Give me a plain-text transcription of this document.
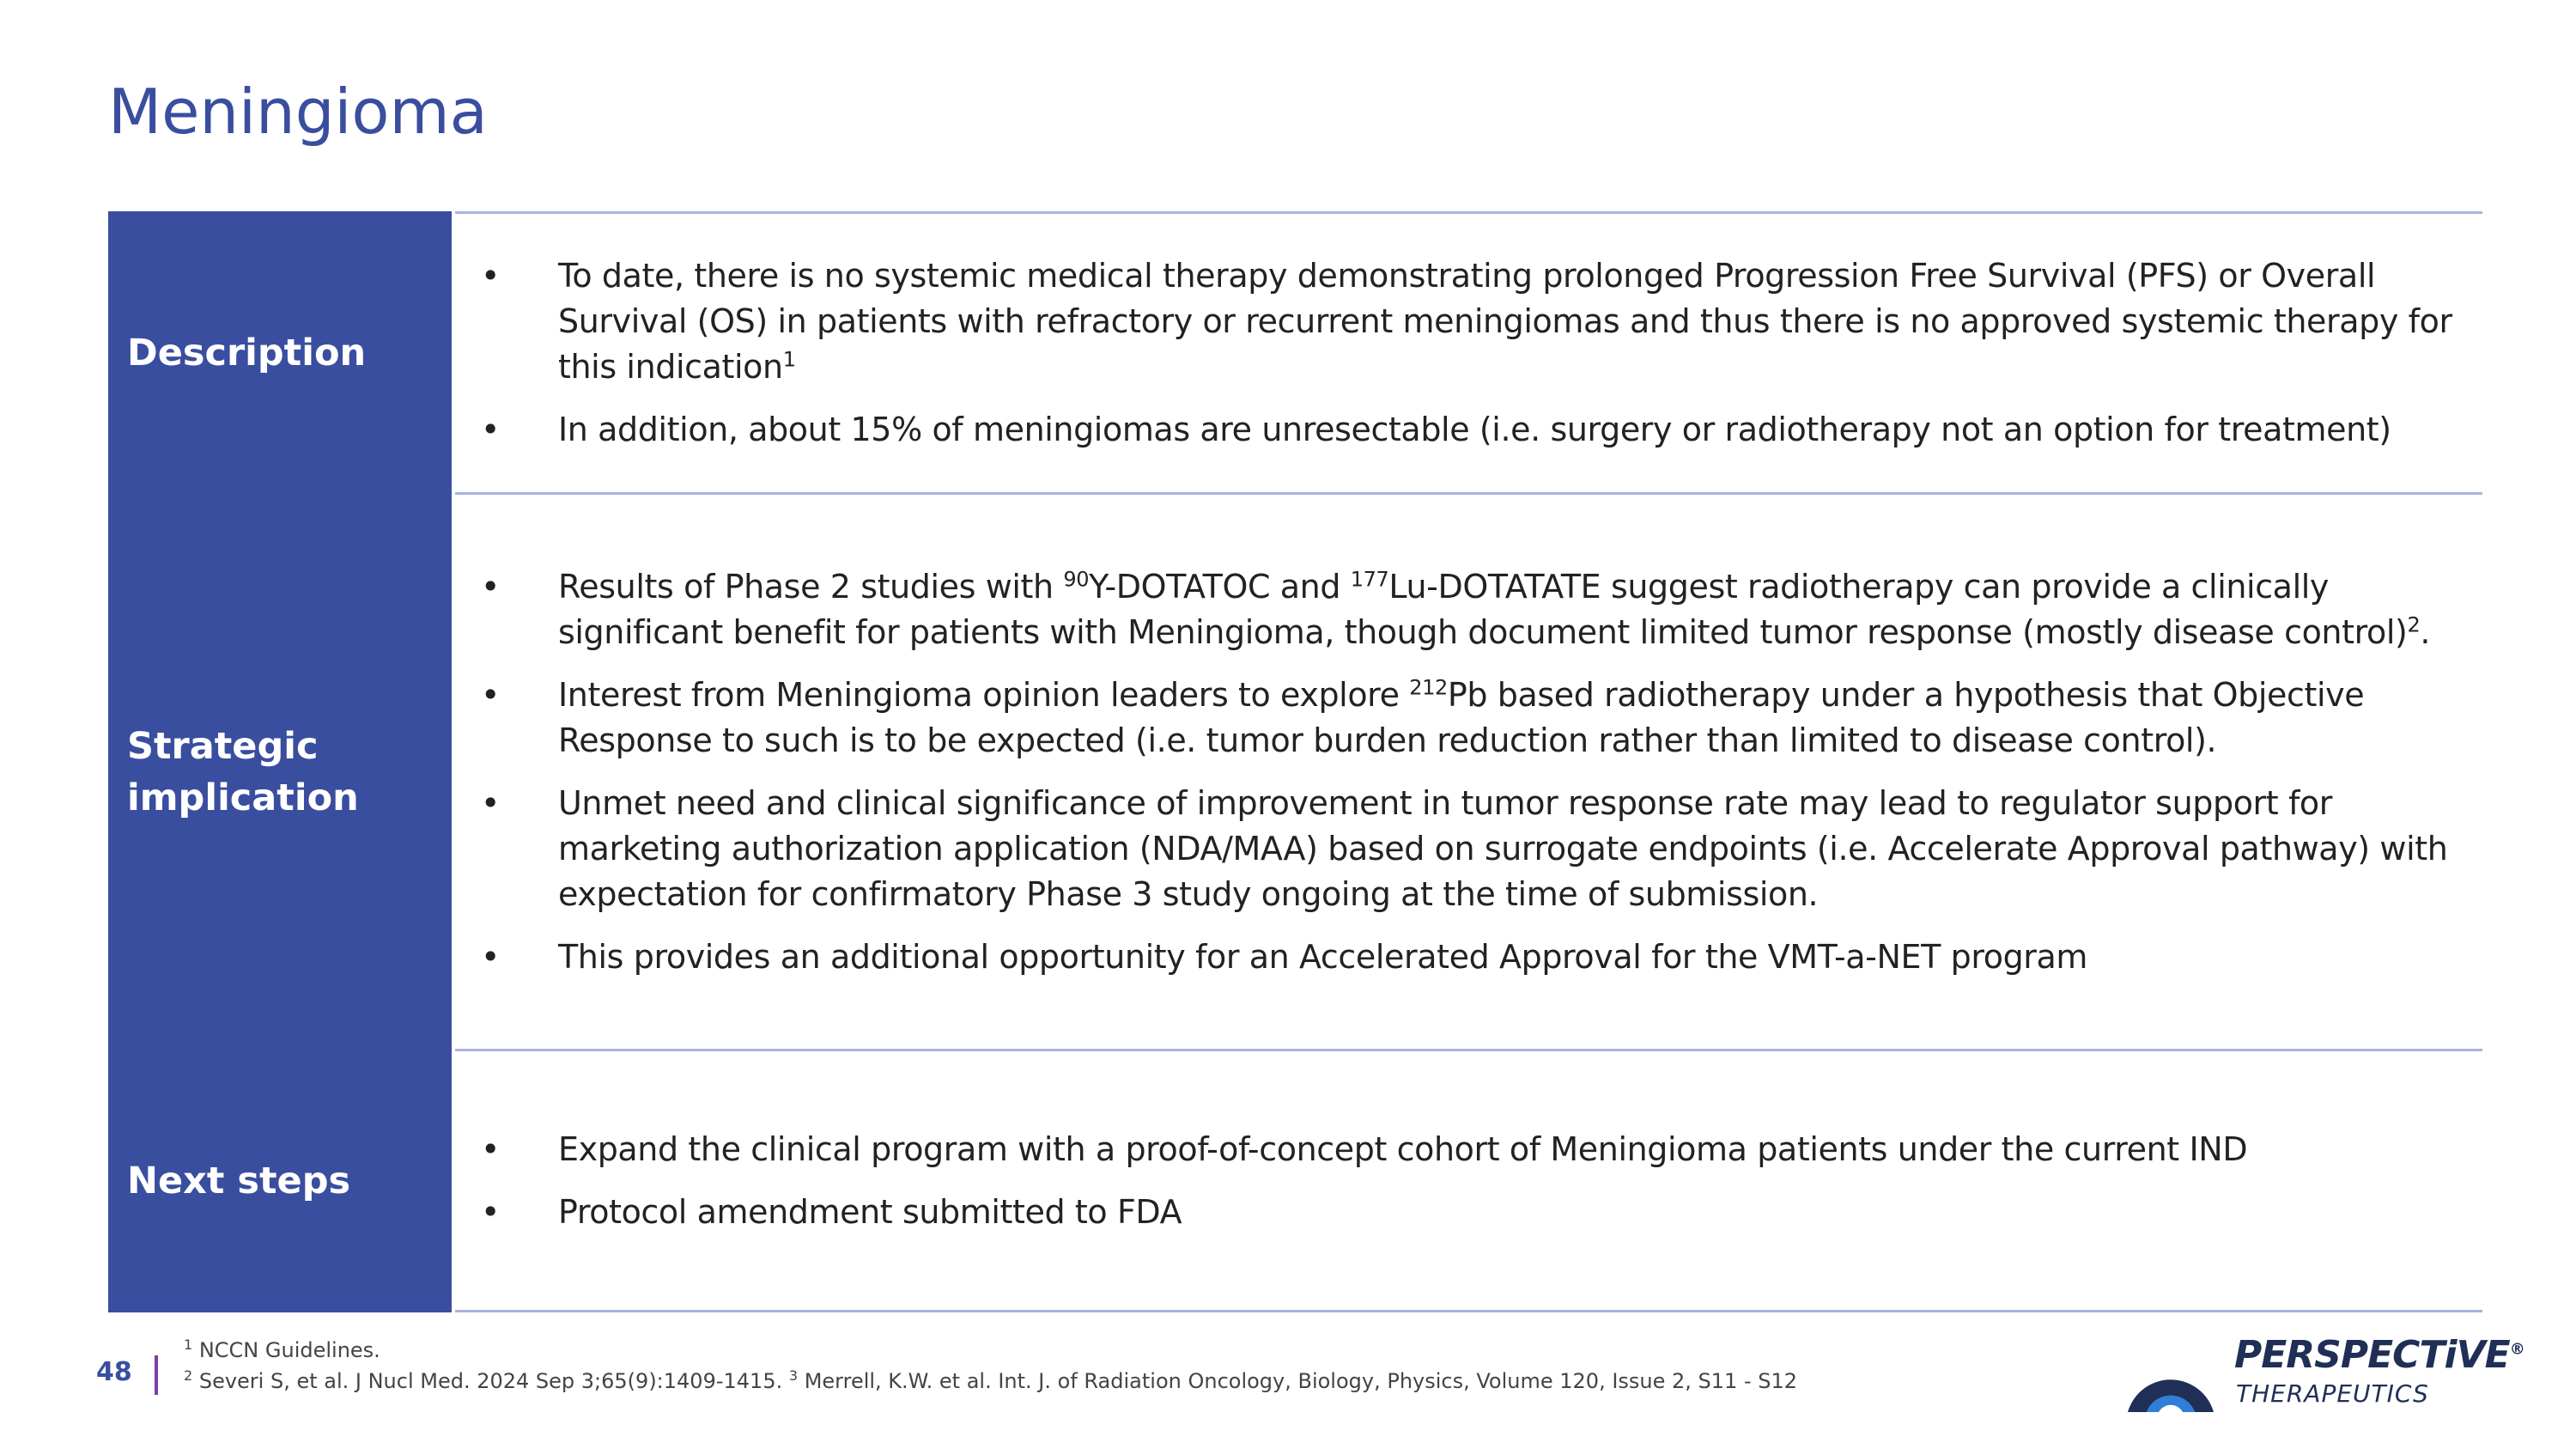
Meningioma
Description
• To date, there is no systemic medical therapy demonstrating prolonged Progression Free Survival (PFS) or Overall Survival (OS) in patients with refractory or recurrent meningiomas and thus there is no approved systemic therapy for this indication$^1$
• In addition, about 15% of meningiomas are unresectable (i.e. surgery or radiotherapy not an option for treatment)
Strategic implication
• Results of Phase 2 studies with $^{90}$Y-DOTATOC and $^{177}$Lu-DOTATATE suggest radiotherapy can provide a clinically significant benefit for patients with Meningioma, though document limited tumor response (mostly disease control)$^2$.
• Interest from Meningioma opinion leaders to explore $^{212}$Pb based radiotherapy under a hypothesis that Objective Response to such is to be expected (i.e. tumor burden reduction rather than limited to disease control).
• Unmet need and clinical significance of improvement in tumor response rate may lead to regulator support for marketing authorization application (NDA/MAA) based on surrogate endpoints (i.e. Accelerate Approval pathway) with expectation for confirmatory Phase 3 study ongoing at the time of submission.
• This provides an additional opportunity for an Accelerated Approval for the VMT-a-NET program
Next steps
• Expand the clinical program with a proof-of-concept cohort of Meningioma patients under the current IND
• Protocol amendment submitted to FDA
48
$^1$ NCCN Guidelines.
$^2$ Severi S, et al. J Nucl Med. 2024 Sep 3;65(9):1409-1415. $^3$ Merrell, K.W. et al. Int. J. of Radiation Oncology, Biology, Physics, Volume 120, Issue 2, S11 - S12
PERSPECTiVE®
THERAPEUTICS
